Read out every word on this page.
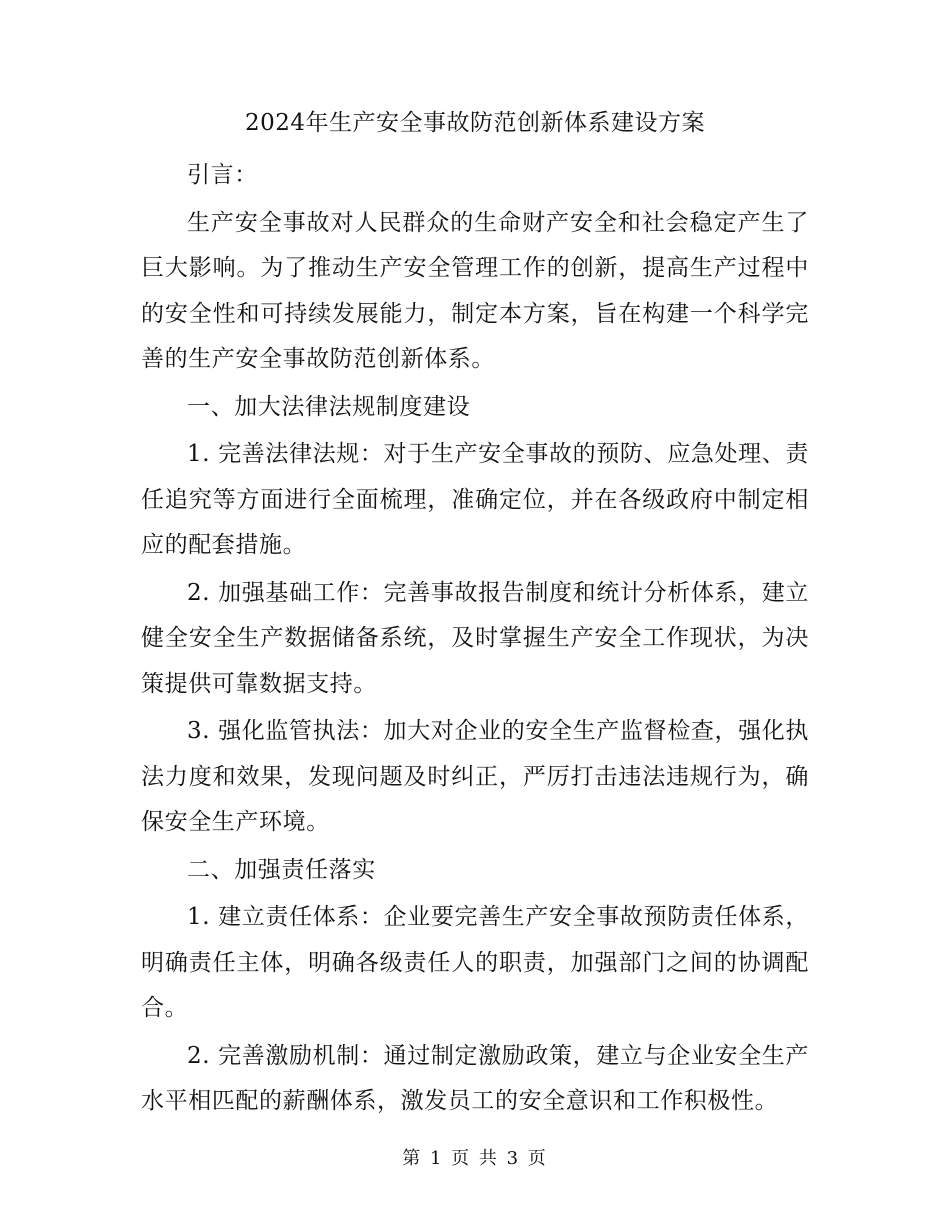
2024年生产安全事故防范创新体系建设方案

引言：

生产安全事故对人民群众的生命财产安全和社会稳定产生了巨大影响。为了推动生产安全管理工作的创新，提高生产过程中的安全性和可持续发展能力，制定本方案，旨在构建一个科学完善的生产安全事故防范创新体系。

一、加大法律法规制度建设

1. 完善法律法规：对于生产安全事故的预防、应急处理、责任追究等方面进行全面梳理，准确定位，并在各级政府中制定相应的配套措施。

2. 加强基础工作：完善事故报告制度和统计分析体系，建立健全安全生产数据储备系统，及时掌握生产安全工作现状，为决策提供可靠数据支持。

3. 强化监管执法：加大对企业的安全生产监督检查，强化执法力度和效果，发现问题及时纠正，严厉打击违法违规行为，确保安全生产环境。

二、加强责任落实

1. 建立责任体系：企业要完善生产安全事故预防责任体系，明确责任主体，明确各级责任人的职责，加强部门之间的协调配合。

2. 完善激励机制：通过制定激励政策，建立与企业安全生产水平相匹配的薪酬体系，激发员工的安全意识和工作积极性。

第 1 页 共 3 页
